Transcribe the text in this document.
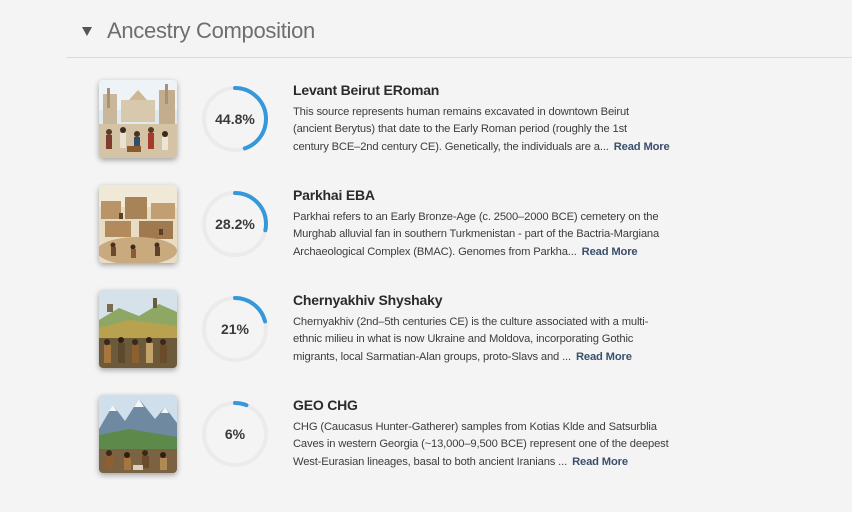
Ancestry Composition
44.8%
Levant Beirut ERoman
This source represents human remains excavated in downtown Beirut
(ancient Berytus) that date to the Early Roman period (roughly the 1st
century BCE–2nd century CE). Genetically, the individuals are a... Read More
28.2%
Parkhai EBA
Parkhai refers to an Early Bronze-Age (c. 2500–2000 BCE) cemetery on the
Murghab alluvial fan in southern Turkmenistan - part of the Bactria-Margiana
Archaeological Complex (BMAC). Genomes from Parkha... Read More
21%
Chernyakhiv Shyshaky
Chernyakhiv (2nd–5th centuries CE) is the culture associated with a multi-
ethnic milieu in what is now Ukraine and Moldova, incorporating Gothic
migrants, local Sarmatian-Alan groups, proto-Slavs and ... Read More
6%
GEO CHG
CHG (Caucasus Hunter-Gatherer) samples from Kotias Klde and Satsurblia
Caves in western Georgia (~13,000–9,500 BCE) represent one of the deepest
West-Eurasian lineages, basal to both ancient Iranians ... Read More
